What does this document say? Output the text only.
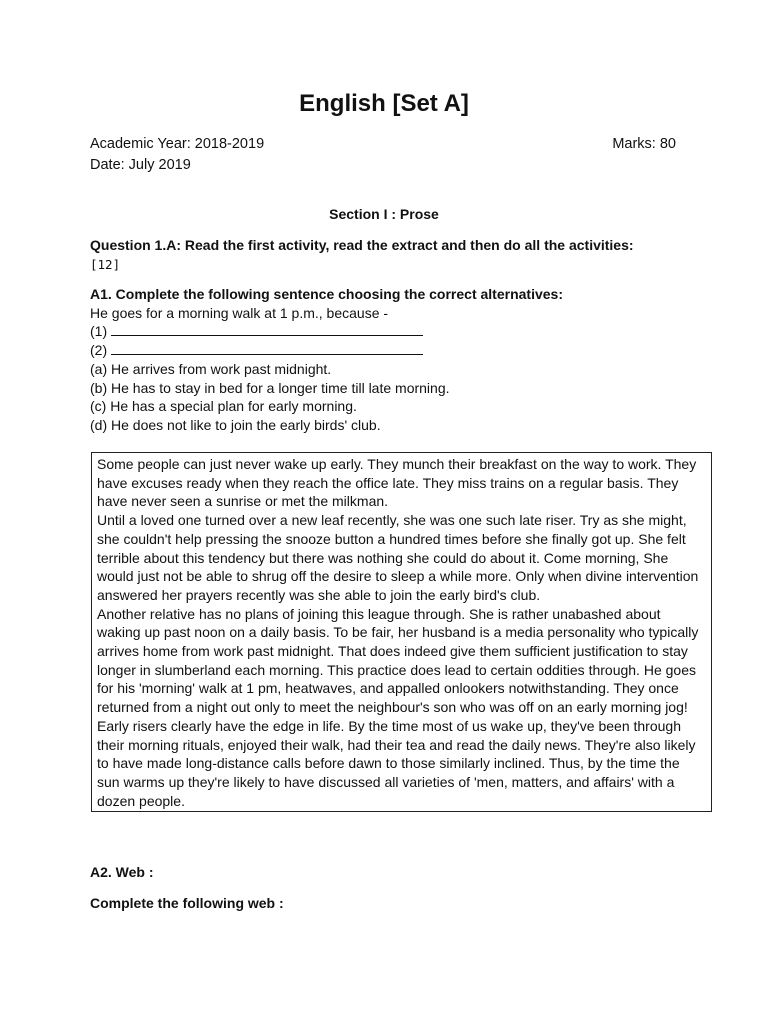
English [Set A]
Academic Year: 2018-2019	Marks: 80
Date: July 2019
Section I : Prose
Question 1.A: Read the first activity, read the extract and then do all the activities:
[12]
A1. Complete the following sentence choosing the correct alternatives:
He goes for a morning walk at 1 p.m., because -
(1)
(2)
(a) He arrives from work past midnight.
(b) He has to stay in bed for a longer time till late morning.
(c) He has a special plan for early morning.
(d) He does not like to join the early birds' club.

Some people can just never wake up early. They munch their breakfast on the way to work. They have excuses ready when they reach the office late. They miss trains on a regular basis. They have never seen a sunrise or met the milkman.

Until a loved one turned over a new leaf recently, she was one such late riser. Try as she might, she couldn't help pressing the snooze button a hundred times before she finally got up. She felt terrible about this tendency but there was nothing she could do about it. Come morning, She would just not be able to shrug off the desire to sleep a while more. Only when divine intervention answered her prayers recently was she able to join the early bird's club.

Another relative has no plans of joining this league through. She is rather unabashed about waking up past noon on a daily basis. To be fair, her husband is a media personality who typically arrives home from work past midnight. That does indeed give them sufficient justification to stay longer in slumberland each morning. This practice does lead to certain oddities through. He goes for his 'morning' walk at 1 pm, heatwaves, and appalled onlookers notwithstanding. They once returned from a night out only to meet the neighbour's son who was off on an early morning jog!

Early risers clearly have the edge in life. By the time most of us wake up, they've been through their morning rituals, enjoyed their walk, had their tea and read the daily news. They're also likely to have made long-distance calls before dawn to those similarly inclined. Thus, by the time the sun warms up they're likely to have discussed all varieties of 'men, matters, and affairs' with a dozen people.

A2. Web :
Complete the following web :
